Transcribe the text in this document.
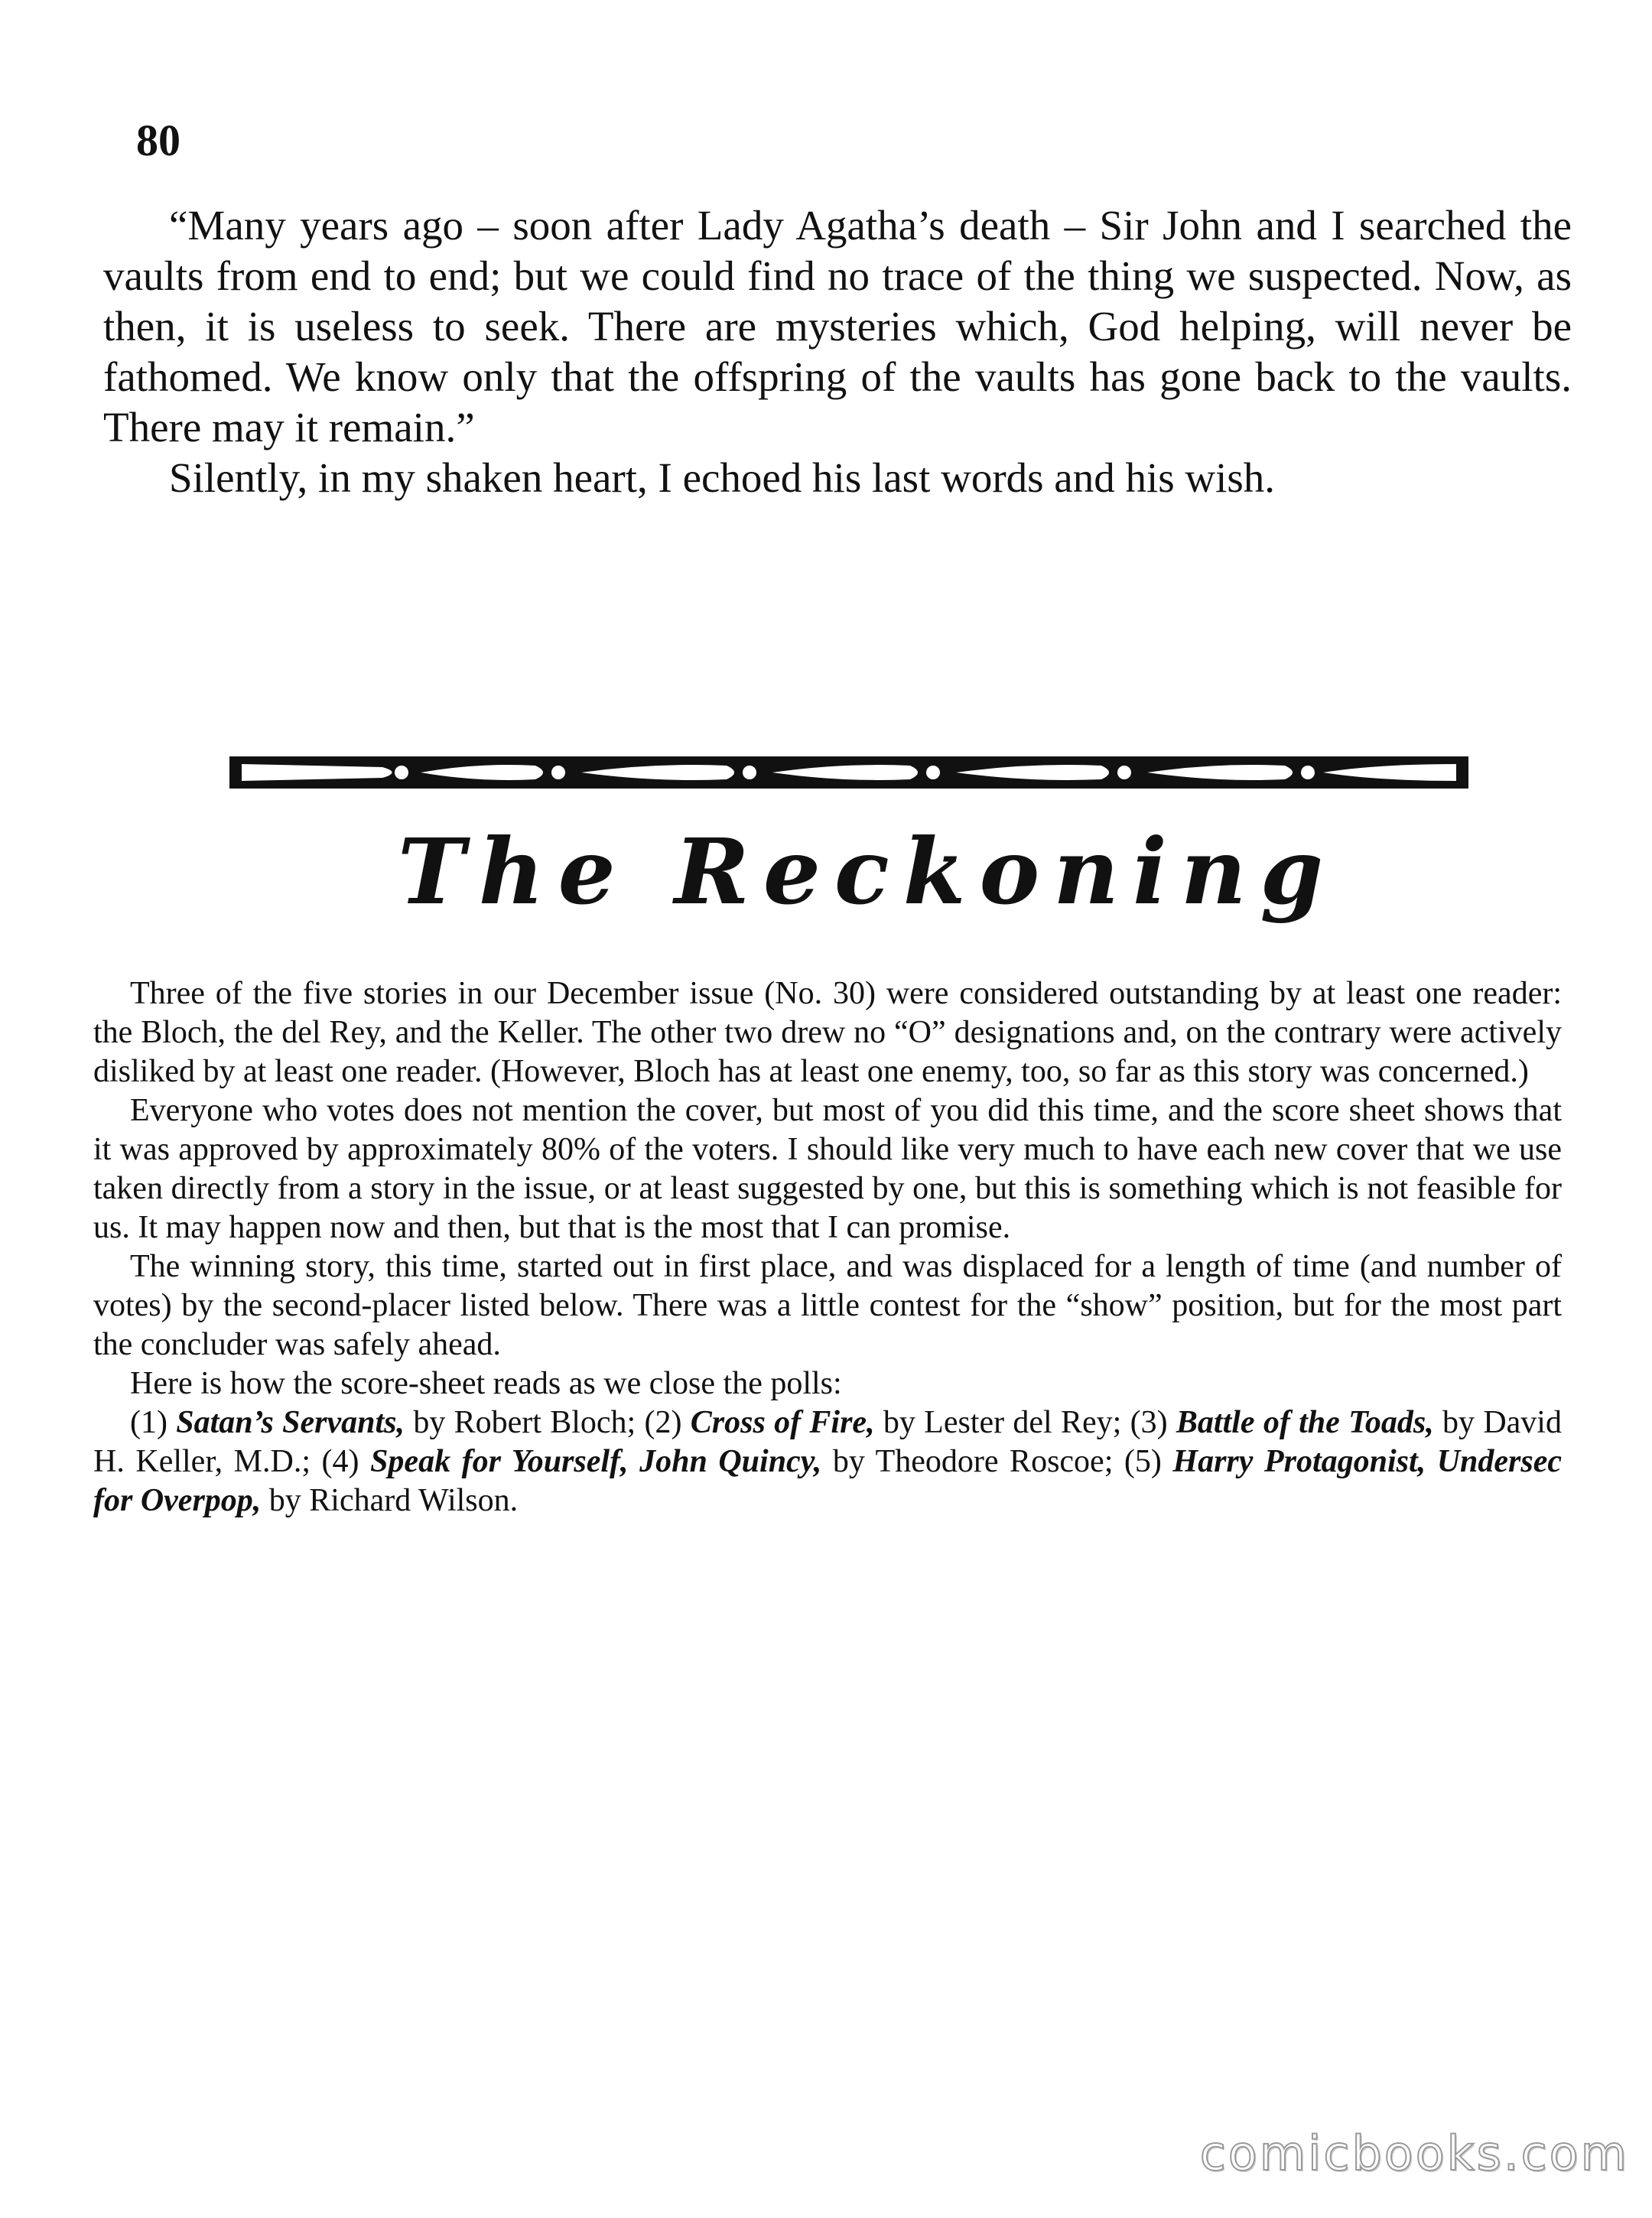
80

“Many years ago – soon after Lady Agatha’s death – Sir John and I searched the vaults from end to end; but we could find no trace of the thing we suspected. Now, as then, it is useless to seek. There are mysteries which, God helping, will never be fathomed. We know only that the offspring of the vaults has gone back to the vaults. There may it remain.”

Silently, in my shaken heart, I echoed his last words and his wish.

The Reckoning

Three of the five stories in our December issue (No. 30) were considered outstanding by at least one reader: the Bloch, the del Rey, and the Keller. The other two drew no “O” designations and, on the contrary were actively disliked by at least one reader. (However, Bloch has at least one enemy, too, so far as this story was concerned.)

Everyone who votes does not mention the cover, but most of you did this time, and the score sheet shows that it was approved by approximately 80% of the voters. I should like very much to have each new cover that we use taken directly from a story in the issue, or at least suggested by one, but this is something which is not feasible for us. It may happen now and then, but that is the most that I can promise.

The winning story, this time, started out in first place, and was displaced for a length of time (and number of votes) by the second-placer listed below. There was a little contest for the “show” position, but for the most part the concluder was safely ahead.

Here is how the score-sheet reads as we close the polls:

(1) Satan’s Servants, by Robert Bloch; (2) Cross of Fire, by Lester del Rey; (3) Battle of the Toads, by David H. Keller, M.D.; (4) Speak for Yourself, John Quincy, by Theodore Roscoe; (5) Harry Protagonist, Undersec for Overpop, by Richard Wilson.

comicbooks.com
